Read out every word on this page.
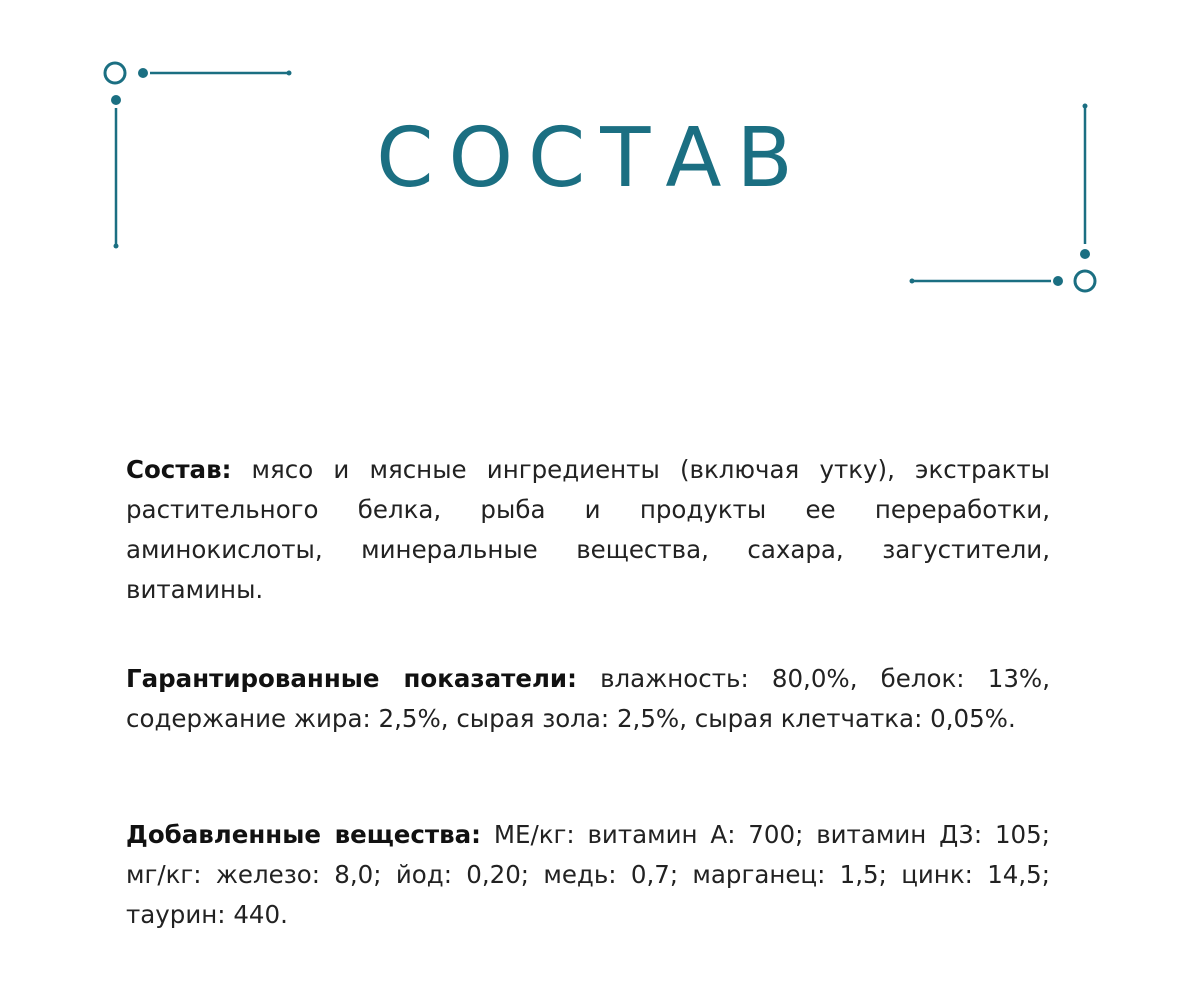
СОСТАВ

Состав: мясо и мясные ингредиенты (включая утку), экстракты растительного белка, рыба и продукты ее переработки, аминокислоты, минеральные вещества, сахара, загустители, витамины.

Гарантированные показатели: влажность: 80,0%, белок: 13%, содержание жира: 2,5%, сырая зола: 2,5%, сырая клетчатка: 0,05%.

Добавленные вещества: МЕ/кг: витамин А: 700; витамин Д3: 105; мг/кг: железо: 8,0; йод: 0,20; медь: 0,7; марганец: 1,5; цинк: 14,5; таурин: 440.
